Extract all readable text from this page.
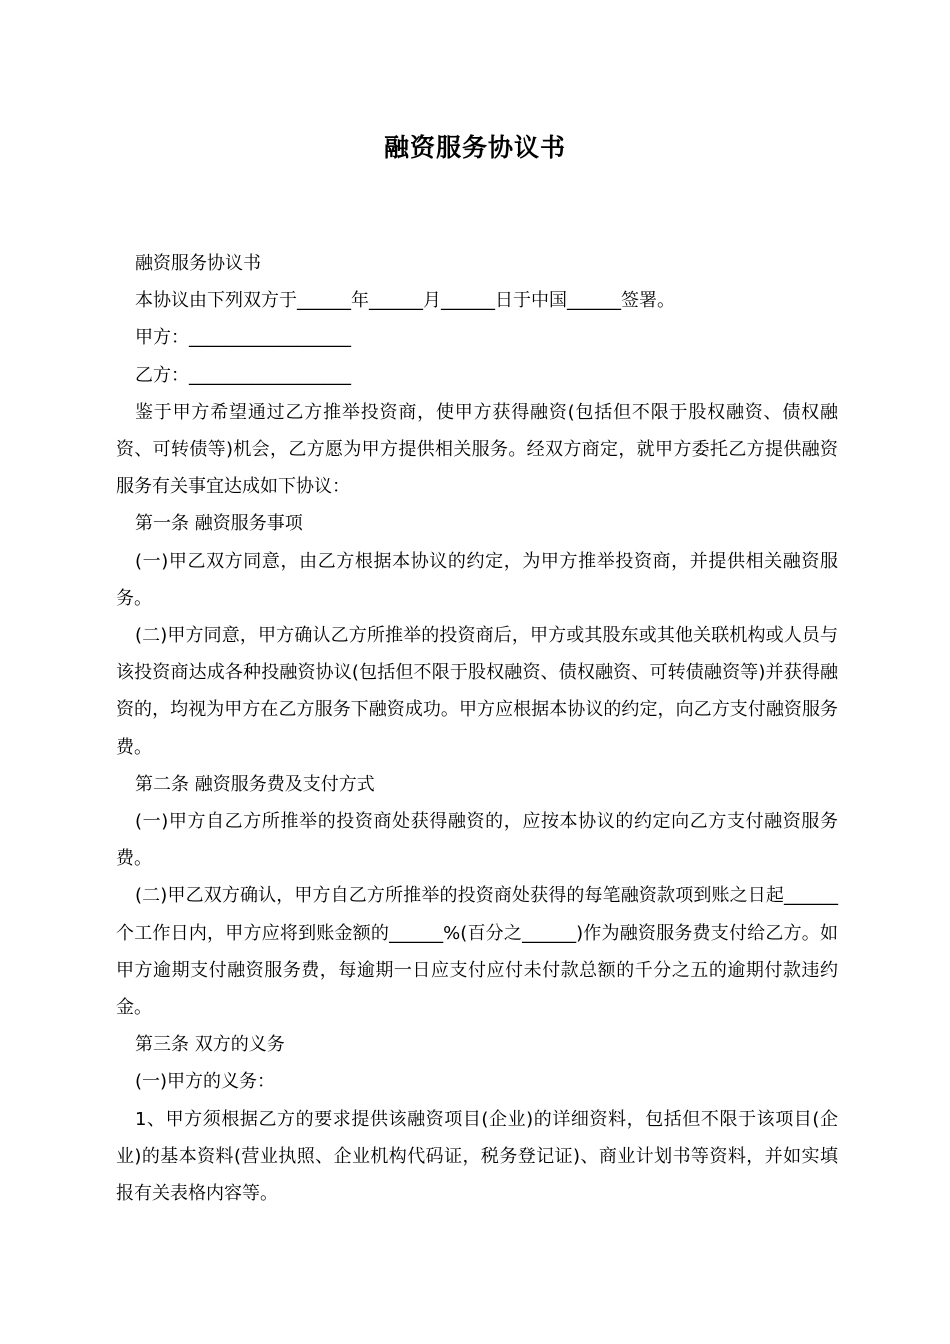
融资服务协议书

融资服务协议书

本协议由下列双方于______年______月______日于中国______签署。

甲方：__________________

乙方：__________________

鉴于甲方希望通过乙方推举投资商，使甲方获得融资(包括但不限于股权融资、债权融资、可转债等)机会，乙方愿为甲方提供相关服务。经双方商定，就甲方委托乙方提供融资服务有关事宜达成如下协议：

第一条 融资服务事项

(一)甲乙双方同意，由乙方根据本协议的约定，为甲方推举投资商，并提供相关融资服务。

(二)甲方同意，甲方确认乙方所推举的投资商后，甲方或其股东或其他关联机构或人员与该投资商达成各种投融资协议(包括但不限于股权融资、债权融资、可转债融资等)并获得融资的，均视为甲方在乙方服务下融资成功。甲方应根据本协议的约定，向乙方支付融资服务费。

第二条 融资服务费及支付方式

(一)甲方自乙方所推举的投资商处获得融资的，应按本协议的约定向乙方支付融资服务费。

(二)甲乙双方确认，甲方自乙方所推举的投资商处获得的每笔融资款项到账之日起______个工作日内，甲方应将到账金额的______%(百分之______)作为融资服务费支付给乙方。如甲方逾期支付融资服务费，每逾期一日应支付应付未付款总额的千分之五的逾期付款违约金。

第三条 双方的义务

(一)甲方的义务：

1、甲方须根据乙方的要求提供该融资项目(企业)的详细资料，包括但不限于该项目(企业)的基本资料(营业执照、企业机构代码证，税务登记证)、商业计划书等资料，并如实填报有关表格内容等。
